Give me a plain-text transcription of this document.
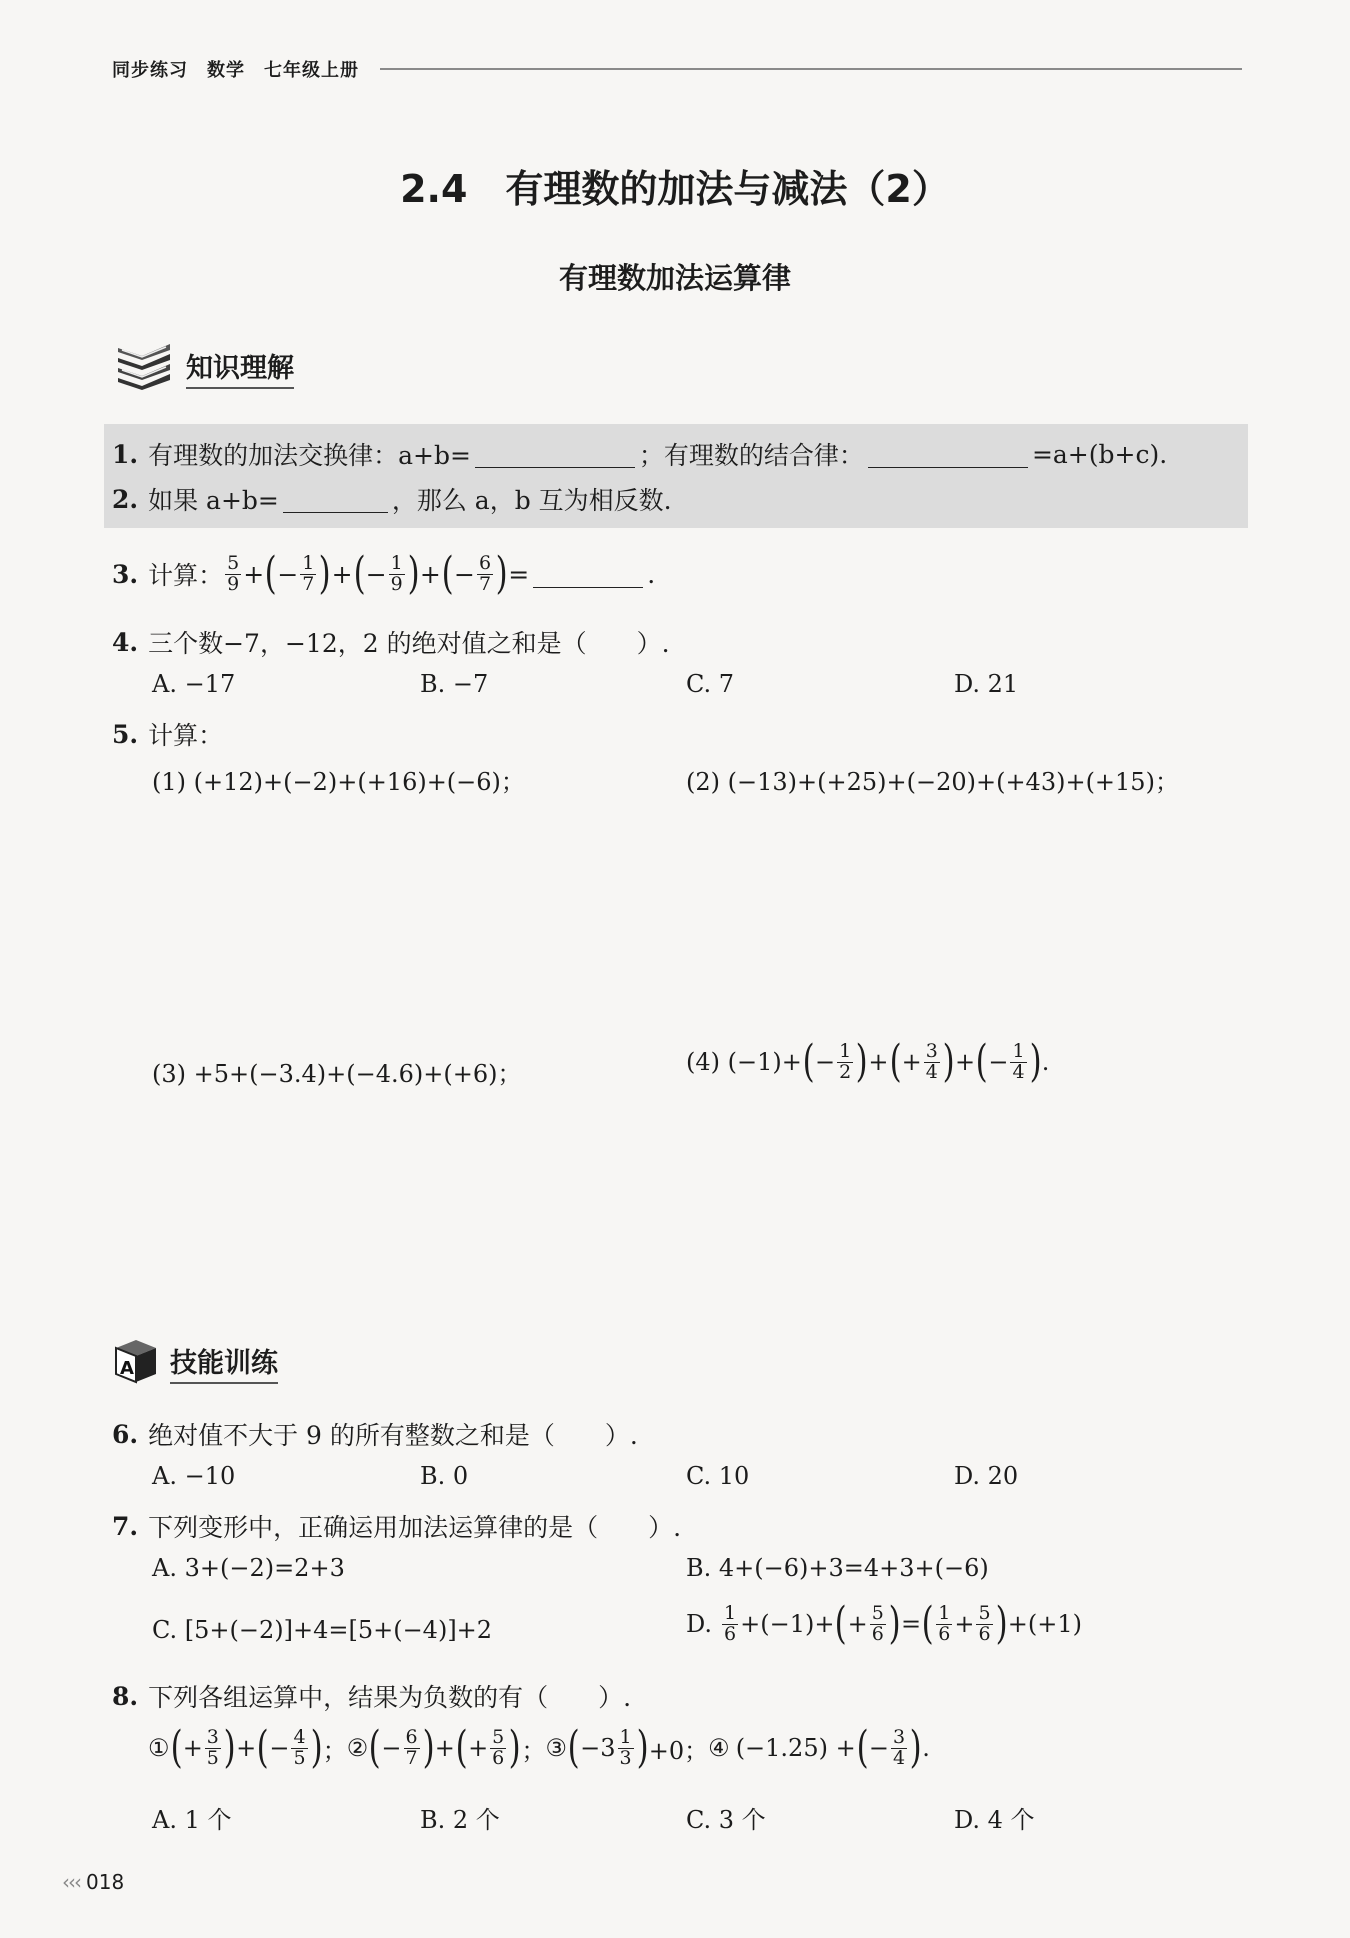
同步练习　数学　七年级上册
2.4　有理数的加法与减法（2）
有理数加法运算律
知识理解
1. 有理数的加法交换律：a+b=	；有理数的结合律：	=a+(b+c).
2. 如果 a+b=	，那么 a，b 互为相反数.
3. 计算： $\frac{5}{9}$ + ( − $\frac{1}{7}$ ) + ( − $\frac{1}{9}$ ) + ( − $\frac{6}{7}$ ) =	.
4. 三个数−7，−12，2 的绝对值之和是（　　）.
A. −17	B. −7	C. 7	D. 21
5. 计算：
(1) (+12)+(−2)+(+16)+(−6)；	(2) (−13)+(+25)+(−20)+(+43)+(+15)；
(3) +5+(−3.4)+(−4.6)+(+6)；	(4) (−1)+ ( − $\frac{1}{2}$ ) + ( + $\frac{3}{4}$ ) + ( − $\frac{1}{4}$ ) .
A 技能训练
6. 绝对值不大于 9 的所有整数之和是（　　）.
A. −10	B. 0	C. 10	D. 20
7. 下列变形中，正确运用加法运算律的是（　　）.
A. 3+(−2)=2+3	B. 4+(−6)+3=4+3+(−6)
C. [5+(−2)]+4=[5+(−4)]+2	D. $\frac{1}{6} +(-1)+$ ( + $\frac{5}{6}$ ) = ( $\frac{1}{6} + \frac{5}{6}$ ) +(+1)
8. 下列各组运算中，结果为负数的有（　　）.
① ( + $\frac{3}{5}$ ) + ( − $\frac{4}{5}$ ) ； ② ( − $\frac{6}{7}$ ) + ( + $\frac{5}{6}$ ) ； ③ ( $-3 \frac{1}{3}$ ) +0； ④ (−1.25) + ( − $\frac{3}{4}$ ) .
A. 1 个	B. 2 个	C. 3 个	D. 4 个
‹‹‹ 018
